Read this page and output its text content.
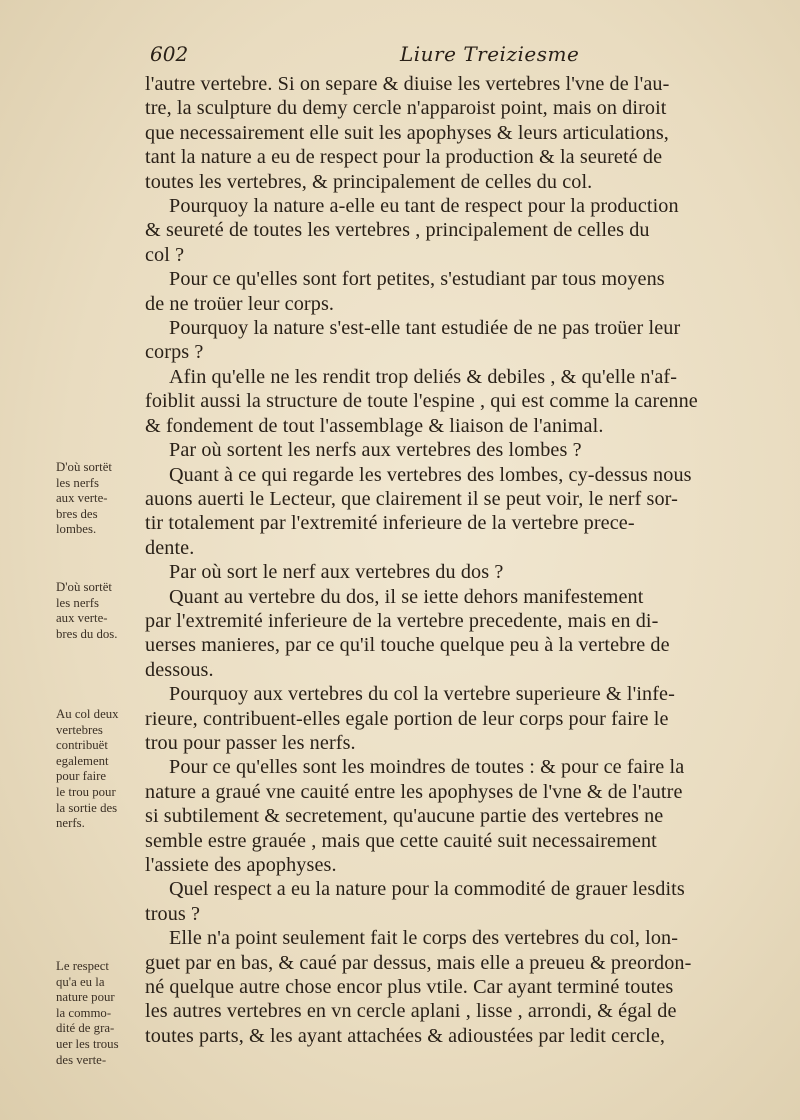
602	Liure Treiziesme

l'autre vertebre. Si on separe & diuise les vertebres l'vne de l'au-
tre, la sculpture du demy cercle n'apparoist point, mais on diroit
que necessairement elle suit les apophyses & leurs articulations,
tant la nature a eu de respect pour la production & la seureté de
toutes les vertebres, & principalement de celles du col.

Pourquoy la nature a-elle eu tant de respect pour la production
& seureté de toutes les vertebres , principalement de celles du
col ?

Pour ce qu'elles sont fort petites, s'estudiant par tous moyens
de ne troüer leur corps.

Pourquoy la nature s'est-elle tant estudiée de ne pas troüer leur
corps ?

Afin qu'elle ne les rendit trop deliés & debiles , & qu'elle n'af-
foiblit aussi la structure de toute l'espine , qui est comme la carenne
& fondement de tout l'assemblage & liaison de l'animal.

Par où sortent les nerfs aux vertebres des lombes ?

Quant à ce qui regarde les vertebres des lombes, cy-dessus nous
auons auerti le Lecteur, que clairement il se peut voir, le nerf sor-
tir totalement par l'extremité inferieure de la vertebre prece-
dente.

Par où sort le nerf aux vertebres du dos ?

Quant au vertebre du dos, il se iette dehors manifestement
par l'extremité inferieure de la vertebre precedente, mais en di-
uerses manieres, par ce qu'il touche quelque peu à la vertebre de
dessous.

Pourquoy aux vertebres du col la vertebre superieure & l'infe-
rieure, contribuent-elles egale portion de leur corps pour faire le
trou pour passer les nerfs.

Pour ce qu'elles sont les moindres de toutes : & pour ce faire la
nature a graué vne cauité entre les apophyses de l'vne & de l'autre
si subtilement & secretement, qu'aucune partie des vertebres ne
semble estre grauée , mais que cette cauité suit necessairement
l'assiete des apophyses.

Quel respect a eu la nature pour la commodité de grauer lesdits
trous ?

Elle n'a point seulement fait le corps des vertebres du col, lon-
guet par en bas, & caué par dessus, mais elle a preueu & preordon-
né quelque autre chose encor plus vtile. Car ayant terminé toutes
les autres vertebres en vn cercle aplani , lisse , arrondi, & égal de
toutes parts, & les ayant attachées & adioustées par ledit cercle,

D'où sortët
les nerfs
aux verte-
bres des
lombes.
D'où sortët
les nerfs
aux verte-
bres du dos.
Au col deux
vertebres
contribuët
egalement
pour faire
le trou pour
la sortie des
nerfs.
Le respect
qu'a eu la
nature pour
la commo-
dité de gra-
uer les trous
des verte-
